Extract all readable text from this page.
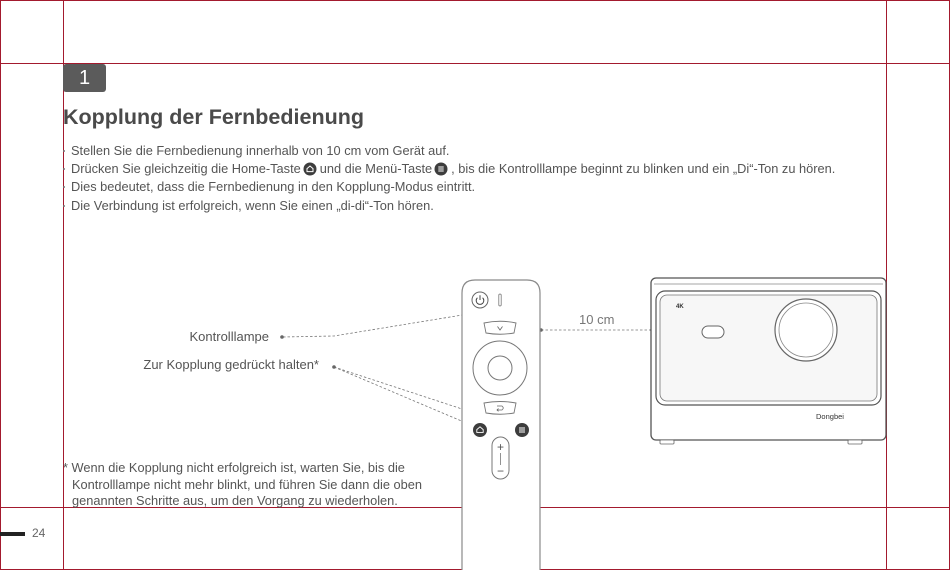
1
Kopplung der Fernbedienung
Stellen Sie die Fernbedienung innerhalb von 10 cm vom Gerät auf.
Drücken Sie gleichzeitig die Home-Taste und die Menü-Taste , bis die Kontrolllampe beginnt zu blinken und ein „Di“-Ton zu hören.
Dies bedeutet, dass die Fernbedienung in den Kopplung-Modus eintritt.
Die Verbindung ist erfolgreich, wenn Sie einen „di-di“-Ton hören.
10 cm
+
−
4K
Dongbei
Kontrolllampe
Zur Kopplung gedrückt halten*
* Wenn die Kopplung nicht erfolgreich ist, warten Sie, bis die
Kontrolllampe nicht mehr blinkt, und führen Sie dann die oben
genannten Schritte aus, um den Vorgang zu wiederholen.
24
